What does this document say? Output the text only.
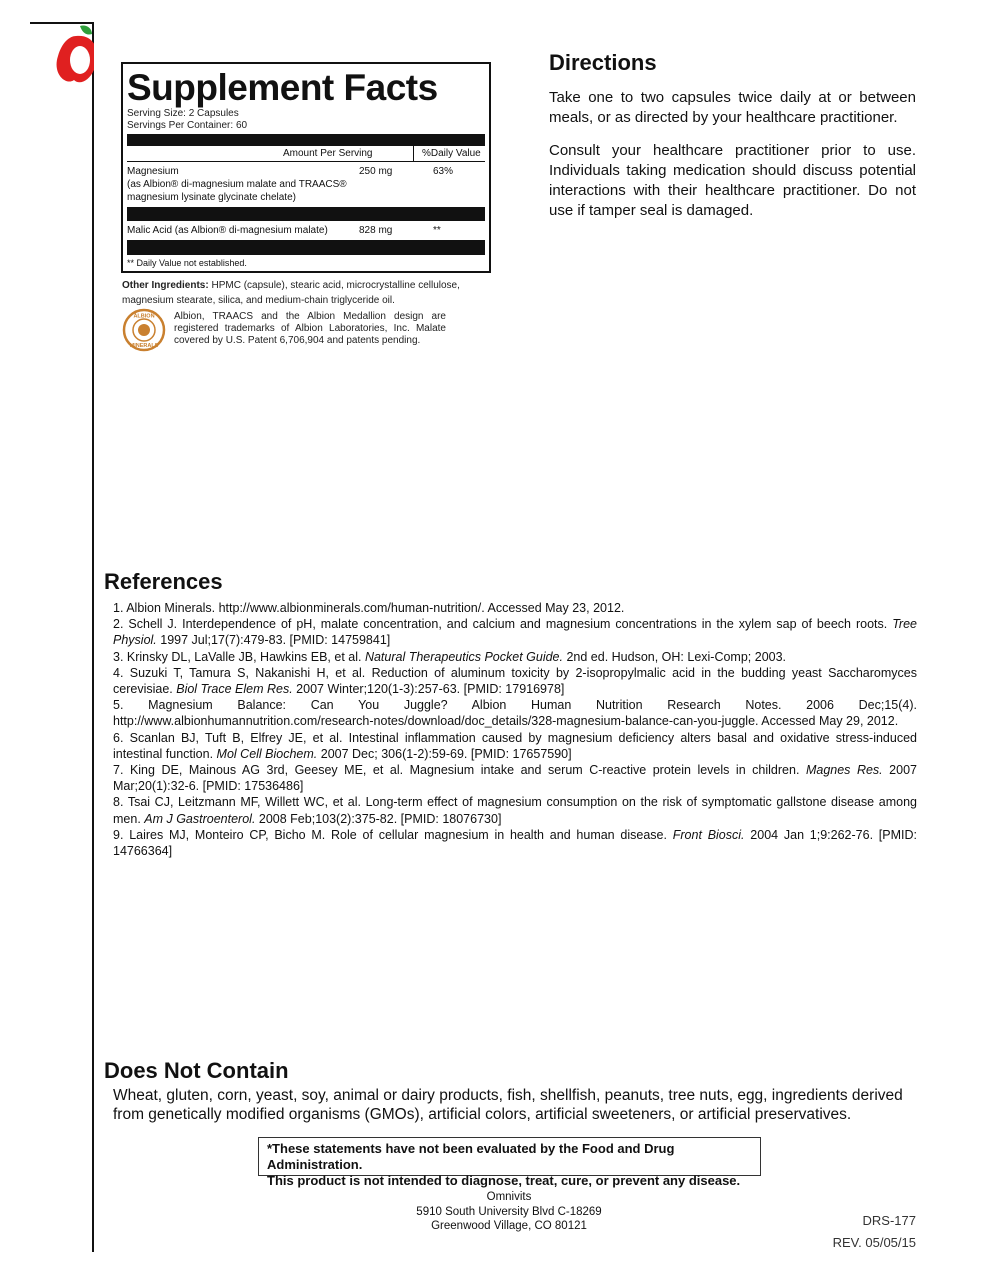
Supplement Facts
Serving Size: 2 Capsules
Servings Per Container: 60
Amount Per Serving	%Daily Value
Magnesium
(as Albion® di-magnesium malate and TRAACS®
magnesium lysinate glycinate chelate)
250 mg	63%
Malic Acid (as Albion® di-magnesium malate)	828 mg	**
** Daily Value not established.
Other Ingredients: HPMC (capsule), stearic acid, microcrystalline cellulose, magnesium stearate, silica, and medium-chain triglyceride oil.
ALBION
MINERALS
Albion, TRAACS and the Albion Medallion design are registered trademarks of Albion Laboratories, Inc. Malate covered by U.S. Patent 6,706,904 and patents pending.
Directions
Take one to two capsules twice daily at or between meals, or as directed by your healthcare practitioner.
Consult your healthcare practitioner prior to use. Individuals taking medication should discuss potential interactions with their healthcare practitioner. Do not use if tamper seal is damaged.
References
1. Albion Minerals. http://www.albionminerals.com/human-nutrition/. Accessed May 23, 2012.
2. Schell J. Interdependence of pH, malate concentration, and calcium and magnesium concentrations in the xylem sap of beech roots. Tree Physiol. 1997 Jul;17(7):479-83. [PMID: 14759841]
3. Krinsky DL, LaValle JB, Hawkins EB, et al. Natural Therapeutics Pocket Guide. 2nd ed. Hudson, OH: Lexi-Comp; 2003.
4. Suzuki T, Tamura S, Nakanishi H, et al. Reduction of aluminum toxicity by 2-isopropylmalic acid in the budding yeast Saccharomyces cerevisiae. Biol Trace Elem Res. 2007 Winter;120(1-3):257-63. [PMID: 17916978]
5. Magnesium Balance: Can You Juggle? Albion Human Nutrition Research Notes. 2006 Dec;15(4). http://www.albionhumannutrition.com/research-notes/download/doc_details/328-magnesium-balance-can-you-juggle. Accessed May 29, 2012.
6. Scanlan BJ, Tuft B, Elfrey JE, et al. Intestinal inflammation caused by magnesium deficiency alters basal and oxidative stress-induced intestinal function. Mol Cell Biochem. 2007 Dec; 306(1-2):59-69. [PMID: 17657590]
7. King DE, Mainous AG 3rd, Geesey ME, et al. Magnesium intake and serum C-reactive protein levels in children. Magnes Res. 2007 Mar;20(1):32-6. [PMID: 17536486]
8. Tsai CJ, Leitzmann MF, Willett WC, et al. Long-term effect of magnesium consumption on the risk of symptomatic gallstone disease among men. Am J Gastroenterol. 2008 Feb;103(2):375-82. [PMID: 18076730]
9. Laires MJ, Monteiro CP, Bicho M. Role of cellular magnesium in health and human disease. Front Biosci. 2004 Jan 1;9:262-76. [PMID: 14766364]
Does Not Contain
Wheat, gluten, corn, yeast, soy, animal or dairy products, fish, shellfish, peanuts, tree nuts, egg, ingredients derived from genetically modified organisms (GMOs), artificial colors, artificial sweeteners, or artificial preservatives.
*These statements have not been evaluated by the Food and Drug Administration.
This product is not intended to diagnose, treat, cure, or prevent any disease.
Omnivits
5910 South University Blvd C-18269
Greenwood Village, CO 80121	DRS-177
REV. 05/05/15
